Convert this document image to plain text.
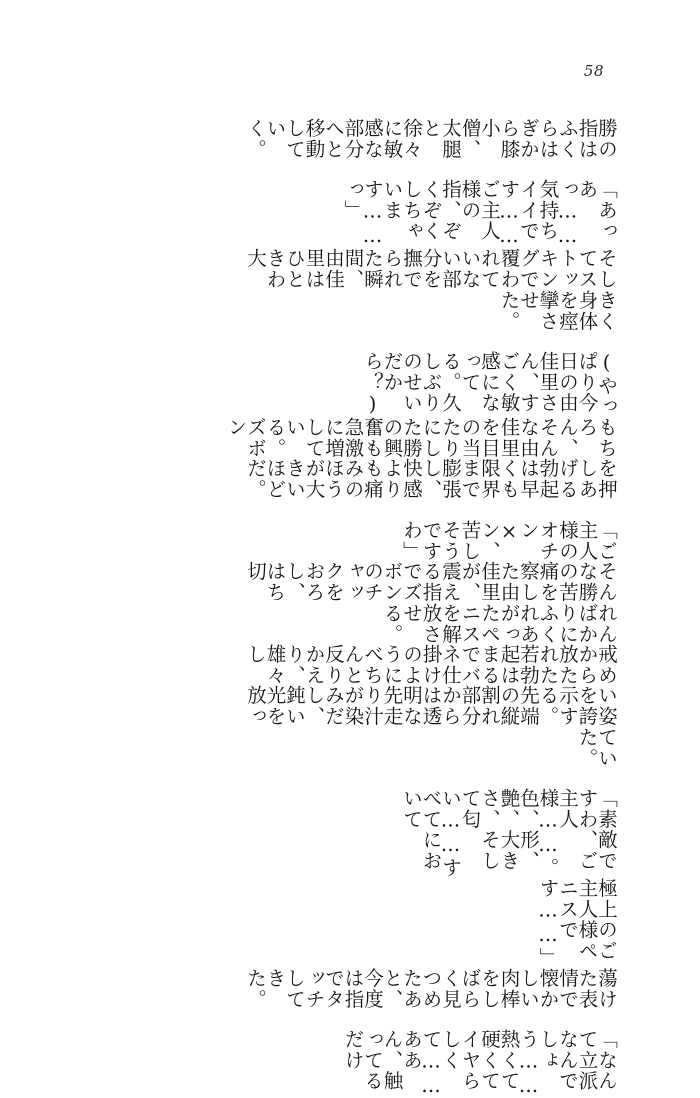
58
勝の指はふくらはぎから膝小僧、太腿と徐々に敏感な部分へと移動していく。
「あっあっ……気持ちイイです……ご主人様の指、ぞくぞくしちゃいます……っ」
そしてストッキングで覆われていない部分を撫でられた瞬間、由佳里はひときわ大
きく身体を痙攣させた。
(やっぱり今日の由佳里さん、すごく敏感になってる。久しぶりのせいだから？)
もちろん、そんな由佳里を目の当たりにした勝の興奮も急激に増している。ズボン
を押しあげる勃起は早くも限界まで膨張し、快感よりも痛みのほうが大きいほどだ。
「ご主人様のオチン×ン、苦しそうですわ」
そんな勝の苦痛を察した由佳里が、震える指でズボンのチャックをおろし、はち切
れんばかりにふくれあがったペニスを解放させる。
戒めから放たれた若勃起はまるでバネ仕掛けのようにべちんと反りかえり、雄々し
い姿を誇示する。先端の縦割れ部分からは透明な先走り汁が染みだし、鈍い光を放っ
ていた。
「素敵ですわ、ご主人様……。色、形、艶、大きさ、そして匂い……すべてにおいて
極上のご主人様ペニスです……」
蕩けた表情で懐かしい肉棒をしばらく見つめたあと、今度は指でタッチしてきた。
「なんて立派なんでしょう……熱くて硬くてイヤらしくて……ああん、触ってるだけ
